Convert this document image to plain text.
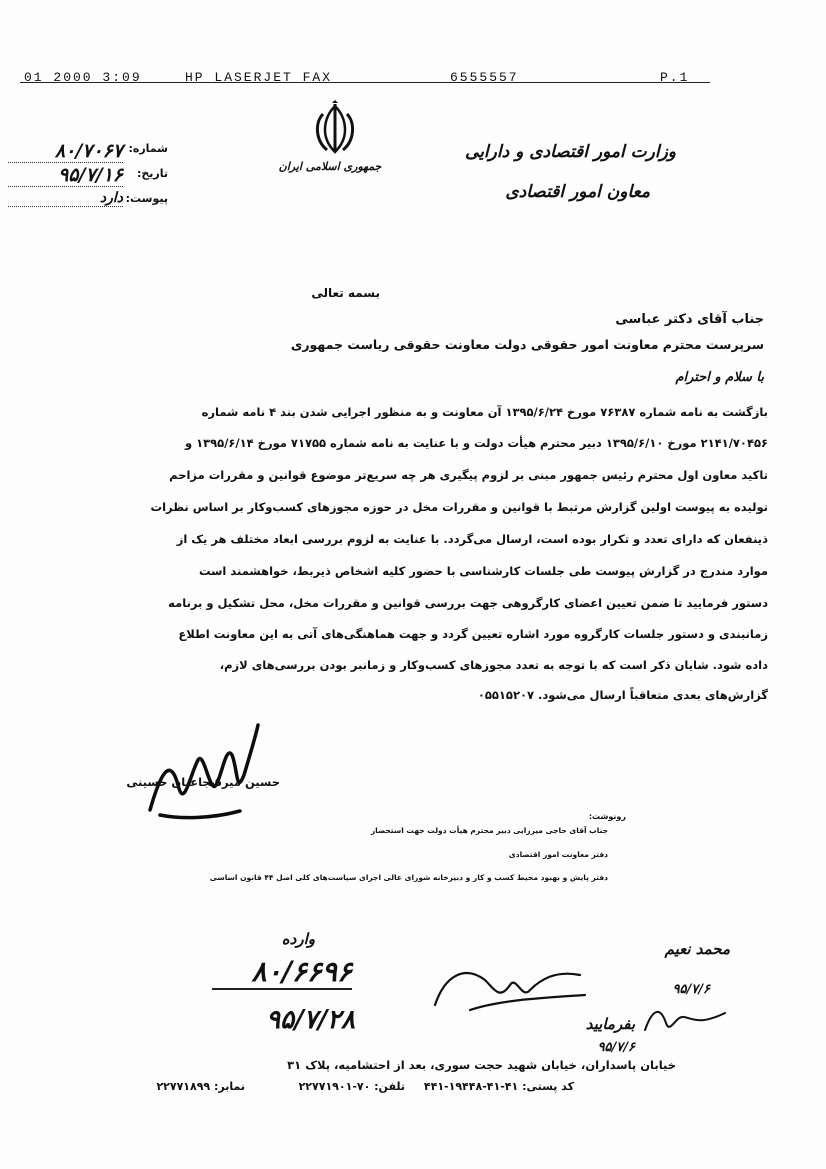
01 2000 3:09	HP LASERJET FAX	6555557	P.1
جمهوری اسلامی ایران
وزارت امور اقتصادی و دارایی
معاون امور اقتصادی
شماره:
۸۰/۷۰۶۷
تاریخ:
۹۵/۷/۱۶
پیوست:
دارد
بسمه تعالی
جناب آقای دکتر عباسی
سرپرست محترم معاونت امور حقوقی دولت معاونت حقوقی ریاست جمهوری
با سلام و احترام
بازگشت به نامه شماره ۷۶۳۸۷ مورخ ۱۳۹۵/۶/۲۴ آن معاونت و به منظور اجرایی شدن بند ۴ نامه شماره
۲۱۴۱/۷۰۴۵۶ مورخ ۱۳۹۵/۶/۱۰ دبیر محترم هیأت دولت و با عنایت به نامه شماره ۷۱۷۵۵ مورخ ۱۳۹۵/۶/۱۴ و
تاکید معاون اول محترم رئیس جمهور مبنی بر لزوم پیگیری هر چه سریع‌تر موضوع قوانین و مقررات مزاحم
تولیده به پیوست اولین گزارش مرتبط با قوانین و مقررات مخل در حوزه مجوزهای کسب‌وکار بر اساس نظرات
ذینفعان که دارای تعدد و تکرار بوده است، ارسال می‌گردد. با عنایت به لزوم بررسی ابعاد مختلف هر یک از
موارد مندرج در گزارش پیوست طی جلسات کارشناسی با حضور کلیه اشخاص ذیربط، خواهشمند است
دستور فرمایید تا ضمن تعیین اعضای کارگروهی جهت بررسی قوانین و مقررات مخل، محل تشکیل و برنامه
زمانبندی و دستور جلسات کارگروه مورد اشاره تعیین گردد و جهت هماهنگی‌های آتی به این معاونت اطلاع
داده شود. شایان ذکر است که با توجه به تعدد مجوزهای کسب‌وکار و زمانبر بودن بررسی‌های لازم،
گزارش‌های بعدی متعاقباً ارسال می‌شود. ۰۵۵۱۵۲۰۷
حسین میرشجاعیان حسینی
رونوشت:
جناب آقای حاجی میرزایی دبیر محترم هیأت دولت جهت استحضار
دفتر معاونت امور اقتصادی
دفتر پایش و بهبود محیط کسب و کار و دبیرخانه شورای عالی اجرای سیاست‌های کلی اصل ۴۴ قانون اساسی
وارده
۸۰/۶۶۹۶
۹۵/۷/۲۸
محمد نعیم
۹۵/۷/۶
بفرمایید
۹۵/۷/۶
خیابان پاسداران، خیابان شهید حجت سوری، بعد از احتشامیه، پلاک ۳۱
کد پستی: ۴۱-۴۱-۱۹۴۴۸-۴۴۱
تلفن: ۷۰-۲۲۷۷۱۹۰۱
نمابر: ۲۲۷۷۱۸۹۹
